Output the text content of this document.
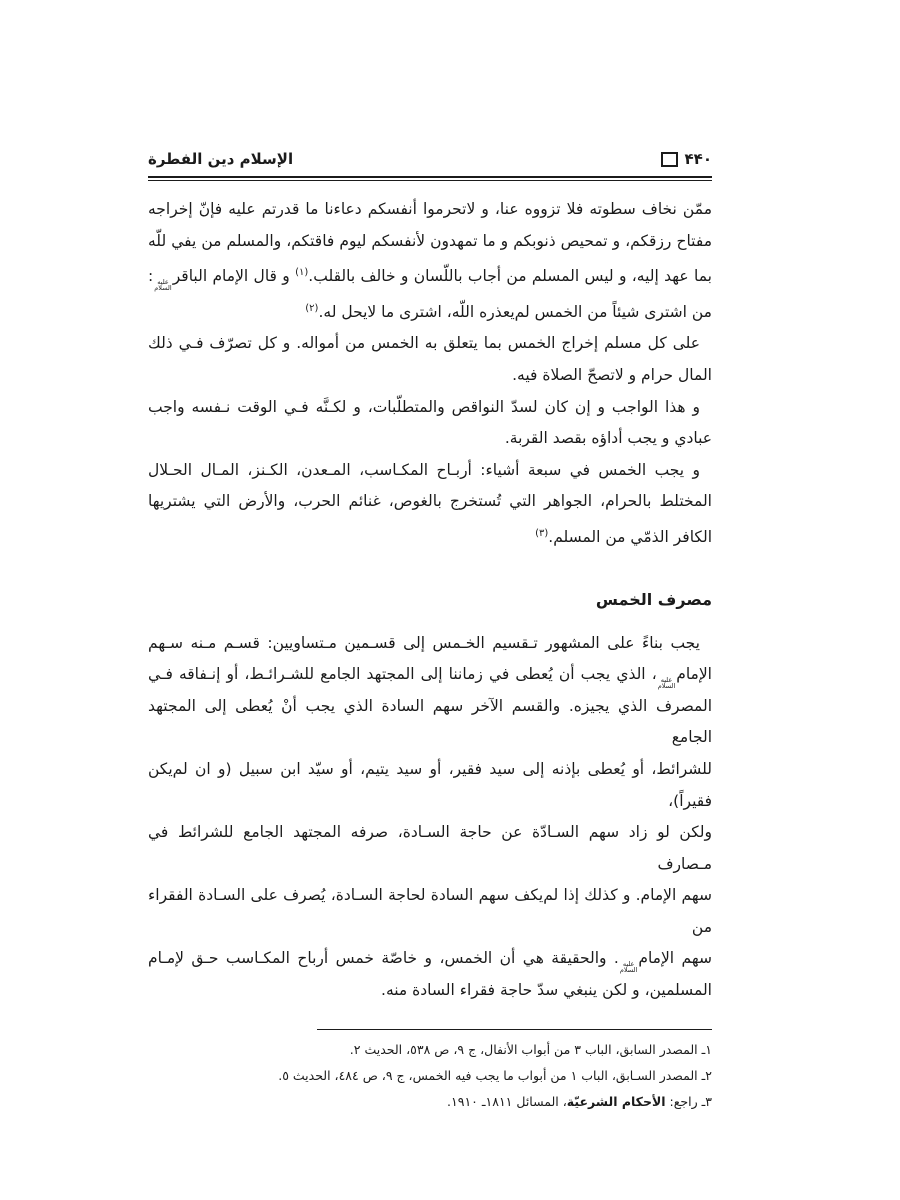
۴۴۰
الإسلام دين الفطرة
ممّن نخاف سطوته فلا تزووه عنا، و لاتحرموا أنفسكم دعاءنا ما قدرتم عليه فإنّ إخراجه
مفتاح رزقكم، و تمحيص ذنوبكم و ما تمهدون لأنفسكم ليوم فاقتكم، والمسلم من يفي للّه
بما عهد إليه، و ليس المسلم من أجاب باللّسان و خالف بالقلب.$^{(١)}$ و قال الإمام الباقر
عليه
السلام
:
من اشترى شيئاً من الخمس لم‌يعذره اللّه، اشترى ما لايحل له.$^{(٢)}$
على كل مسلم إخراج الخمس بما يتعلق به الخمس من أمواله. و كل تصرّف فـي ذلك
المال حرام و لاتصحّ الصلاة فيه.
و هذا الواجب و إن كان لسدّ النواقص والمتطلّبات، و لكـنَّه فـي الوقت نـفسه واجب
عبادي و يجب أداؤه بقصد القربة.
و يجب الخمس في سبعة أشياء: أربـاح المكـاسب، المـعدن، الكـنز، المـال الحـلال
المختلط بالحرام، الجواهر التي تُستخرج بالغوص، غنائم الحرب، والأرض التي يشتريها
الكافر الذمّي من المسلم.$^{(٣)}$
مصرف الخمس
يجب بناءً على المشهور تـقسيم الخـمس إلى قسـمين مـتساويين: قسـم مـنه سـهم
الإمام
عليه
السلام
، الذي يجب أن يُعطى في زماننا إلى المجتهد الجامع للشـرائـط، أو إنـفاقه فـي
المصرف الذي يجيزه. والقسم الآخر سهم السادة الذي يجب أنْ يُعطى إلى المجتهد الجامع
للشرائط، أو يُعطى بإذنه إلى سيد فقير، أو سيد يتيم، أو سيّد ابن سبيل (و ان لم‌يكن فقيراً)،
ولكن لو زاد سهم السـادّة عن حاجة السـادة، صرفه المجتهد الجامع للشرائط في مـصارف
سهم الإمام. و كذلك إذا لم‌يكف سهم السادة لحاجة السـادة، يُصرف على السـادة الفقراء من
سهم الإمام
عليه
السلام
. والحقيقة هي أن الخمس، و خاصّة خمس أرباح المكـاسب حـق لإمـام
المسلمين، و لكن ينبغي سدّ حاجة فقراء السادة منه.
١ـ المصدر السابق، الباب ٣ من أبواب الأنفال، ج ٩، ص ٥٣٨، الحديث ٢.
٢ـ المصدر السـابق، الباب ١ من أبواب ما يجب فيه الخمس، ج ٩، ص ٤٨٤، الحديث ٥.
٣ـ راجع: الأحكام الشرعيّة، المسائل ١٨١١ـ ١٩١٠.
